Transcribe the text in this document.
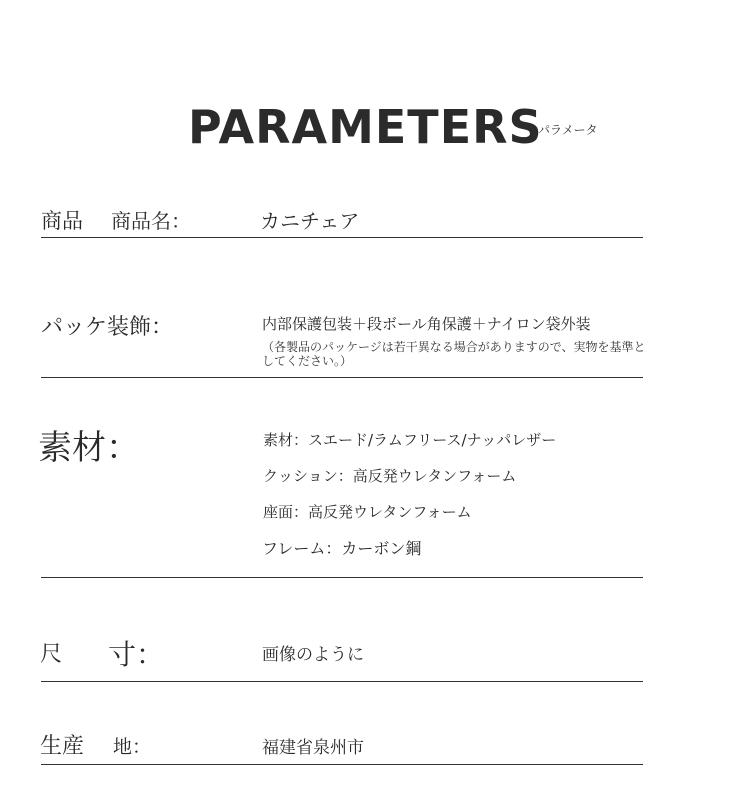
PARAMETERS
パラメータ
商品 商品名：	カニチェア
パッケ装飾：	内部保護包装＋段ボール角保護＋ナイロン袋外装
（各製品のパッケージは若干異なる場合がありますので、実物を基準としてください。）
素材：	素材：スエード/ラムフリース/ナッパレザー
クッション：高反発ウレタンフォーム
座面：高反発ウレタンフォーム
フレーム：カーボン鋼
尺 寸：	画像のように
生産 地：	福建省泉州市
